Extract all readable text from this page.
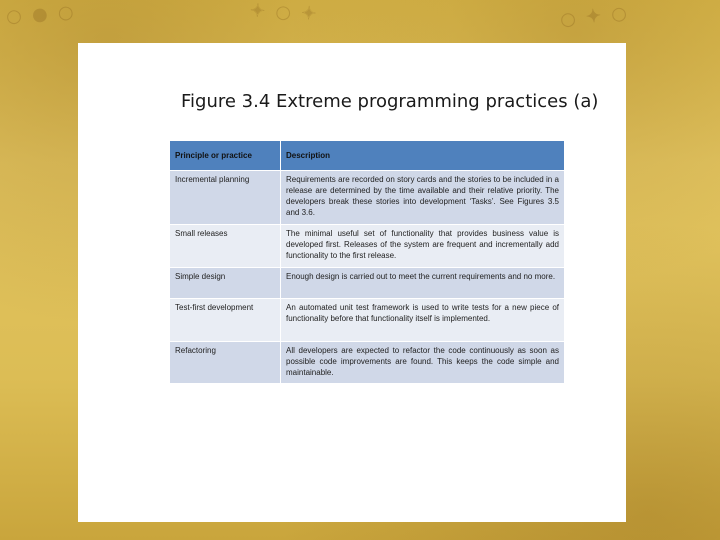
○ ● ○	✦ ○ ✦	○ ✦ ○
Figure 3.4 Extreme programming practices (a)
Principle or practice	Description
Incremental planning	Requirements are recorded on story cards and the stories to be included in a release are determined by the time available and their relative priority. The developers break these stories into development ‘Tasks’. See Figures 3.5 and 3.6.
Small releases	The minimal useful set of functionality that provides business value is developed first. Releases of the system are frequent and incrementally add functionality to the first release.
Simple design	Enough design is carried out to meet the current requirements and no more.
Test-first development	An automated unit test framework is used to write tests for a new piece of functionality before that functionality itself is implemented.
Refactoring	All developers are expected to refactor the code continuously as soon as possible code improvements are found. This keeps the code simple and maintainable.
